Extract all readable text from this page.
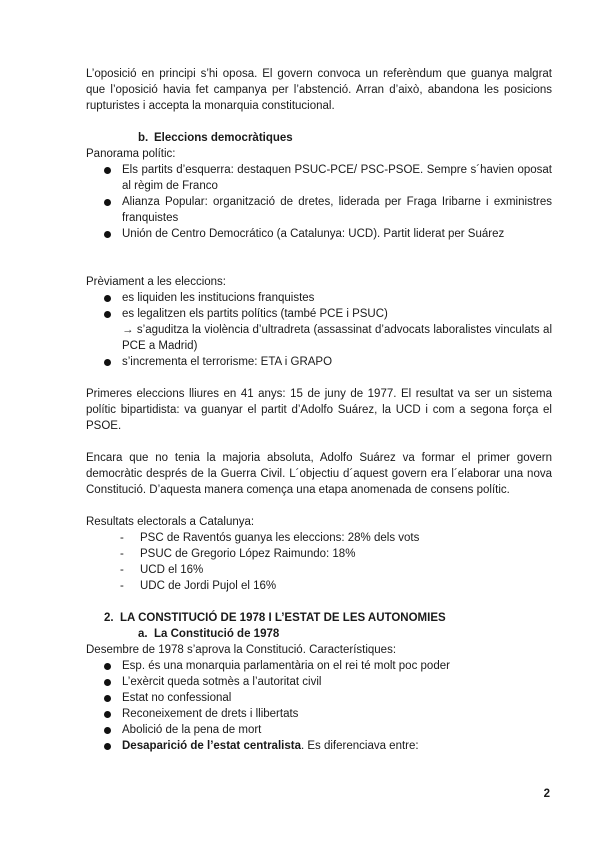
L’oposició en principi s’hi oposa. El govern convoca un referèndum que guanya malgrat que l’oposició havia fet campanya per l’abstenció. Arran d’això, abandona les posicions rupturistes i accepta la monarquia constitucional.

b. Eleccions democràtiques

Panorama polític:

Els partits d’esquerra: destaquen PSUC-PCE/ PSC-PSOE. Sempre s´havien oposat al règim de Franco
Alianza Popular: organització de dretes, liderada per Fraga Iribarne i exministres franquistes
Unión de Centro Democrático (a Catalunya: UCD). Partit liderat per Suárez

Prèviament a les eleccions:

es liquiden les institucions franquistes
es legalitzen els partits polítics (també PCE i PSUC)

→ s’aguditza la violència d’ultradreta (assassinat d’advocats laboralistes vinculats al PCE a Madrid)

s’incrementa el terrorisme: ETA i GRAPO

Primeres eleccions lliures en 41 anys: 15 de juny de 1977. El resultat va ser un sistema polític bipartidista: va guanyar el partit d’Adolfo Suárez, la UCD i com a segona força el PSOE.

Encara que no tenia la majoria absoluta, Adolfo Suárez va formar el primer govern democràtic després de la Guerra Civil. L´objectiu d´aquest govern era l´elaborar una nova Constitució. D’aquesta manera comença una etapa anomenada de consens polític.

Resultats electorals a Catalunya:

- PSC de Raventós guanya les eleccions: 28% dels vots
- PSUC de Gregorio López Raimundo: 18%
- UCD el 16%
- UDC de Jordi Pujol el 16%
2. LA CONSTITUCIÓ DE 1978 I L’ESTAT DE LES AUTONOMIES
a. La Constitució de 1978

Desembre de 1978 s’aprova la Constitució. Característiques:

Esp. és una monarquia parlamentària on el rei té molt poc poder
L’exèrcit queda sotmès a l’autoritat civil
Estat no confessional
Reconeixement de drets i llibertats
Abolició de la pena de mort
Desaparició de l’estat centralista. Es diferenciava entre:
2
